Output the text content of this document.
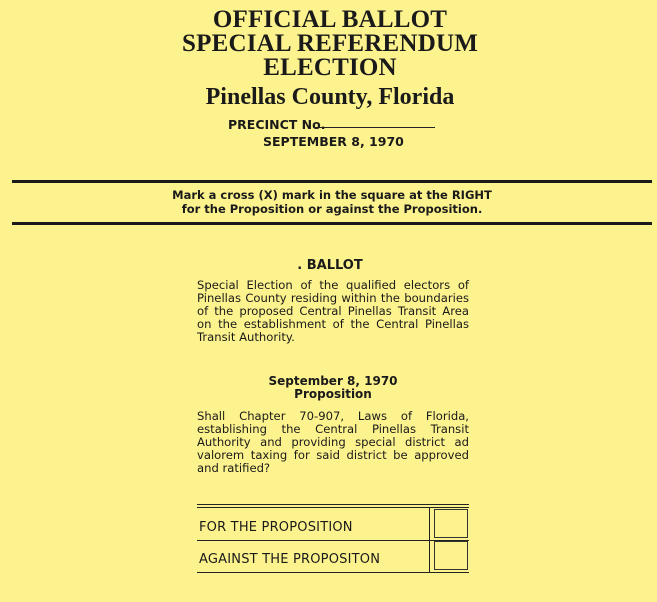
OFFICIAL BALLOT
SPECIAL REFERENDUM
ELECTION
Pinellas County, Florida
PRECINCT No.
SEPTEMBER 8, 1970
Mark a cross (X) mark in the square at the RIGHT
for the Proposition or against the Proposition.
. BALLOT
Special Election of the qualified electors of Pinellas County residing within the boundaries of the proposed Central Pinellas Transit Area on the establishment of the Central Pinellas Transit Authority.
September 8, 1970
Proposition
Shall Chapter 70-907, Laws of Florida, establishing the Central Pinellas Transit Authority and providing special district ad valorem taxing for said district be approved and ratified?
FOR THE PROPOSITION
AGAINST THE PROPOSITON
